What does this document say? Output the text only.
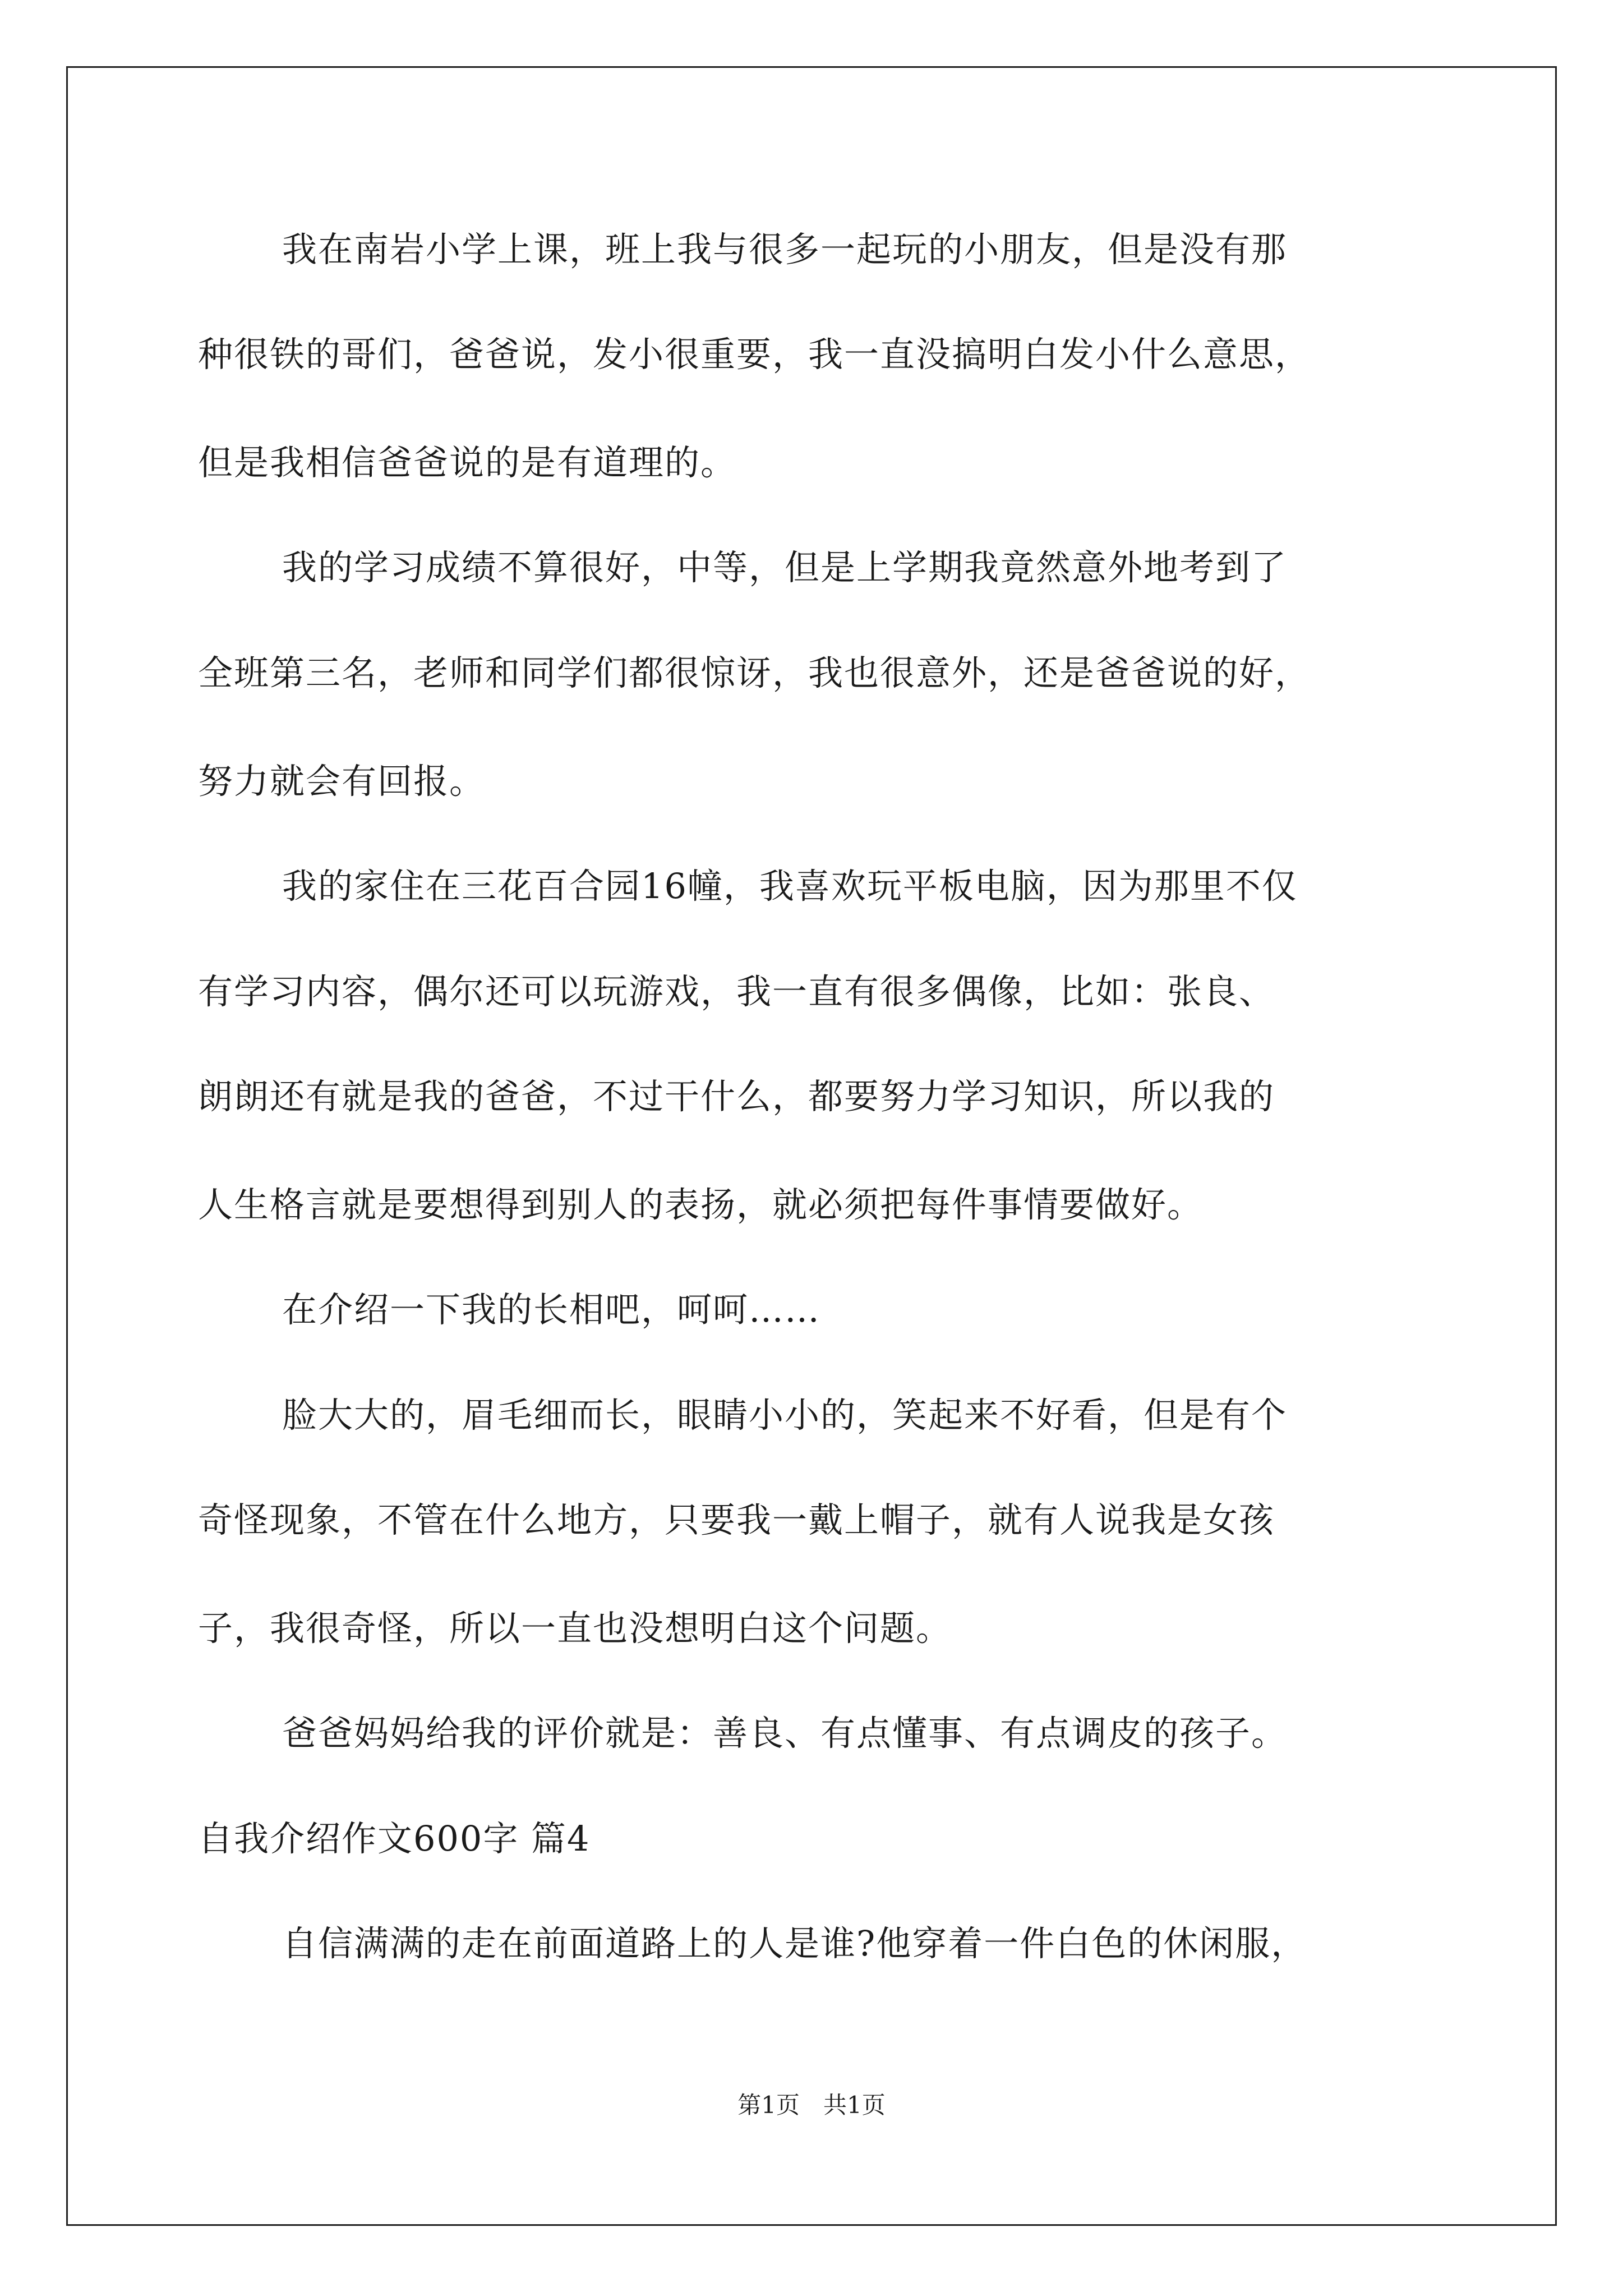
我在南岩小学上课，班上我与很多一起玩的小朋友，但是没有那
种很铁的哥们，爸爸说，发小很重要，我一直没搞明白发小什么意思，
但是我相信爸爸说的是有道理的。
我的学习成绩不算很好，中等，但是上学期我竟然意外地考到了
全班第三名，老师和同学们都很惊讶，我也很意外，还是爸爸说的好，
努力就会有回报。
我的家住在三花百合园16幢，我喜欢玩平板电脑，因为那里不仅
有学习内容，偶尔还可以玩游戏，我一直有很多偶像，比如：张良、
朗朗还有就是我的爸爸，不过干什么，都要努力学习知识，所以我的
人生格言就是要想得到别人的表扬，就必须把每件事情要做好。
在介绍一下我的长相吧，呵呵……
脸大大的，眉毛细而长，眼睛小小的，笑起来不好看，但是有个
奇怪现象，不管在什么地方，只要我一戴上帽子，就有人说我是女孩
子，我很奇怪，所以一直也没想明白这个问题。
爸爸妈妈给我的评价就是：善良、有点懂事、有点调皮的孩子。
自我介绍作文600字 篇4
自信满满的走在前面道路上的人是谁?他穿着一件白色的休闲服，
第1页　共1页
